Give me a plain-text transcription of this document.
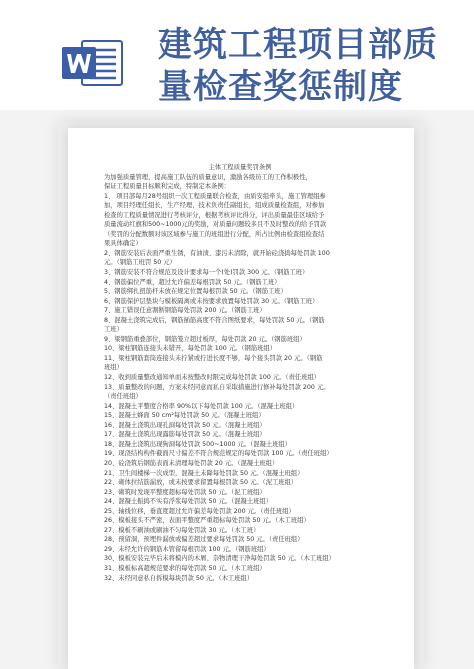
建筑工程项目部质
量检查奖惩制度
主体工程质量奖罚条例
为加强质量管理，提高施工队伍的质量意识，激励各级员工的工作积极性，
保证工程质量目标顺利完成，特制定本条例：
1、 项目部每月28号组织一次工程质量联合检查，由质安组牵头，施工管理组参
加，项目经理任组长，生产经理、技术负责任副组长，组成质量检查组，对参加
检查的工程质量情况进行考核评分，根据考核评比得分，评出质量最佳区域给予
质量流动红旗和500~1000元的奖励，对质量问题较多且不及时整改的给予罚款
（奖罚的分配数额对该区域参与施工的班组进行分配，所占比例由检查组检查结
果具体确定）
2、钢筋安装后表面严重生锈，有油渍、漆污未清除，就开始砼浇捣每处罚款 100
元。（钢筋工班罚 50 元）
3、钢筋安装不符合规范及设计要求每一个(处)罚款 300 元。（钢筋工班）
4、钢筋偏位严重，超过允许偏差每根罚款 50 元。（钢筋工班）
5、钢筋绑扎扭筋杆未放在规定位置每根罚款 50 元。（钢筋工班）
6、钢筋保护层垫块与模板隔离或未按要求放置每处罚款 30 元。（钢筋工班）
7、施工错误任意割断钢筋每处罚款 200 元。（钢筋工班）
8、混凝土浇筑完成后，钢筋插筋高度不符合图纸要求，每处罚款 50 元。（钢筋
工班）
9、梁钢筋重叠部位，钢筋笼立超过板厚，每处罚款 20 元。（钢筋班组）
10、梁柱钢筋连接头未错开，每处罚款 100 元。（钢筋班组）
11、梁柱钢筋套筒连接头未拧紧或拧进长度不够，每个接头罚款 20 元。（钢筋
班组）
12、收到质量整改通知单而未按整改时限完成每处罚款 100 元。（责任班组）
13、质量整改的问题，方案未经同意而私自采取措施进行修补每处罚款 200 元。
（责任班组）
14、混凝土平整度合格率 90%以下每处罚款 100 元。（混凝土班组）
15、混凝土蜂面 50 cm²每处罚款 50 元。（混凝土班组）
16、混凝土浇筑出现孔洞每处罚款 50 元。（混凝土班组）
17、混凝土浇筑出现露筋每处罚款 50 元。（混凝土班组）
18、混凝土浇筑出现狗洞每处罚款 500~1000 元。（混凝土班组）
19、现浇结构构件截面尺寸偏差不符合规范规定的每处罚款 100 元。（责任班组）
20、砼浇筑后钢筋表面未清理每处罚款 20 元。（混凝土班组）
21、卫生间楼梯一次成型，混凝土未降每处罚款 50 元。（混凝土班组）
22、砌体拉结筋漏放，或未按要求留置每根罚款 50 元。（泥工班组）
23、砌筑时发现平整度超标每处罚款 50 元。（泥工班组）
24、混凝土振捣不实有浮浆每处罚款 50 元。（混凝土班组）
25、轴线位移，垂直度超过允许偏差每处罚款 200 元。（责任班组）
26、模板接头不严密，表面平整度严重超标每处罚款 50 元。（木工班组）
27、模板不刷油或刷油不匀每处罚款 30 元。（木工班）
28、预留洞，预埋件漏放或偏差超过要求每处罚款 50 元。（责任班组）
29、未经允许的钢筋木管留每根罚款 100 元。（钢筋班组）
30、模板安装完毕后未将模内的木屑、杂物清理干净每处罚款 50 元。（木工班组）
31、模板标高超规范要求的每处罚款 50 元。（木工班组）
32、未经同意私自拆模每块罚款 50 元。（木工班组）
